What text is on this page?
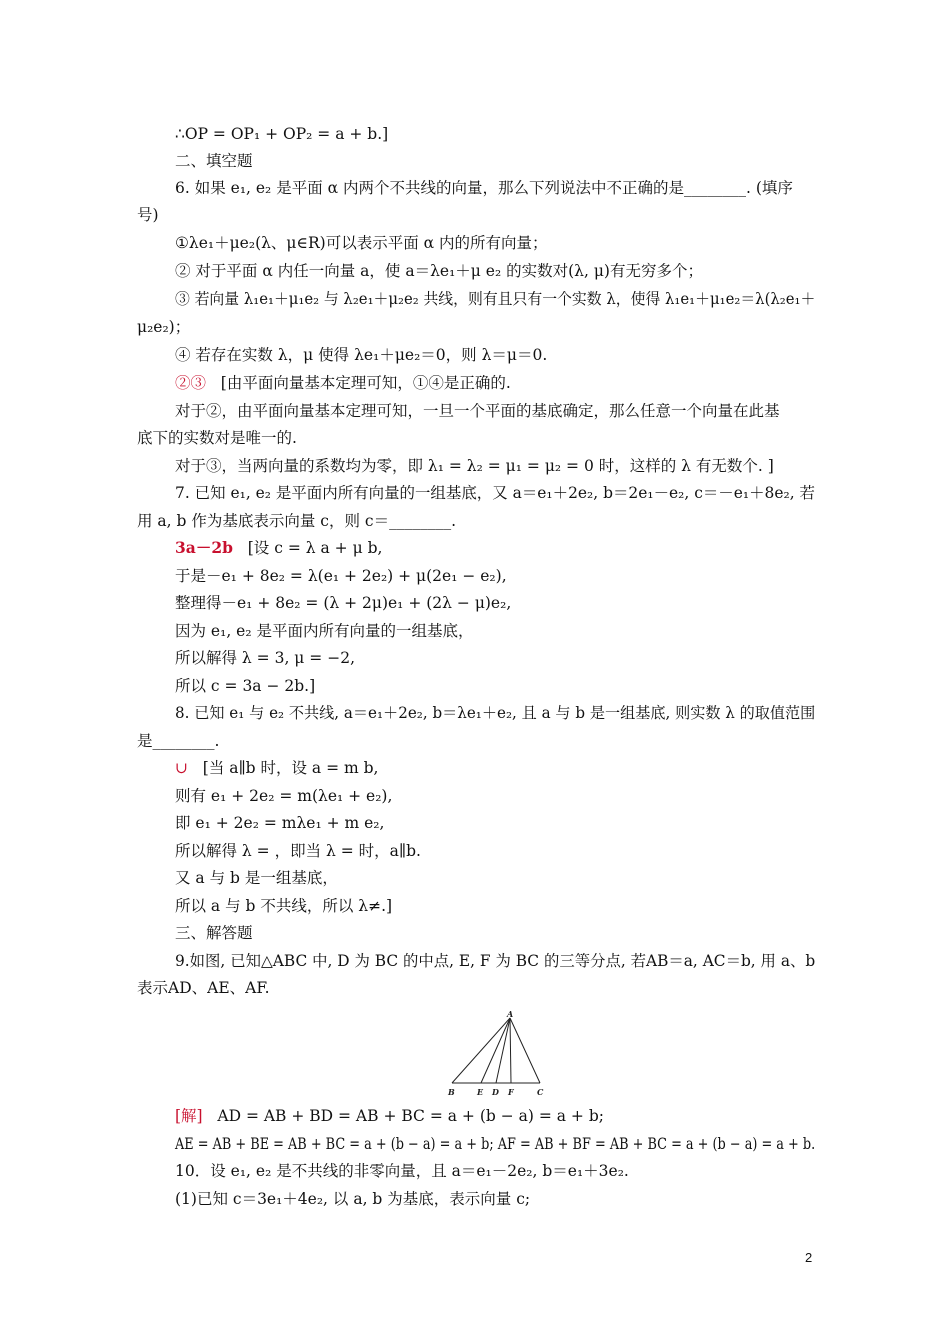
∴OP = OP₁ + OP₂ = a + b.]
二、填空题
6. 如果 e₁, e₂ 是平面 α 内两个不共线的向量，那么下列说法中不正确的是________. (填序
号)
①λe₁＋μe₂(λ、μ∈R)可以表示平面 α 内的所有向量；
② 对于平面 α 内任一向量 a，使 a＝λe₁＋μ e₂ 的实数对(λ, μ)有无穷多个；
③ 若向量 λ₁e₁＋μ₁e₂ 与 λ₂e₁＋μ₂e₂ 共线，则有且只有一个实数 λ，使得 λ₁e₁＋μ₁e₂＝λ(λ₂e₁＋
μ₂e₂)；
④ 若存在实数 λ，μ 使得 λe₁＋μe₂＝0，则 λ＝μ＝0.
②③ [由平面向量基本定理可知，①④是正确的.
对于②，由平面向量基本定理可知，一旦一个平面的基底确定，那么任意一个向量在此基
底下的实数对是唯一的.
对于③，当两向量的系数均为零，即 λ₁ = λ₂ = μ₁ = μ₂ = 0 时，这样的 λ 有无数个. ]
7. 已知 e₁, e₂ 是平面内所有向量的一组基底，又 a＝e₁＋2e₂, b＝2e₁－e₂, c＝－e₁＋8e₂, 若
用 a, b 作为基底表示向量 c，则 c＝________.
3a－2b [设 c = λ a + μ b,
于是－e₁ + 8e₂ = λ(e₁ + 2e₂) + μ(2e₁ − e₂),
整理得－e₁ + 8e₂ = (λ + 2μ)e₁ + (2λ − μ)e₂,
因为 e₁, e₂ 是平面内所有向量的一组基底，
所以解得 λ = 3, μ = −2,
所以 c = 3a − 2b.]
8. 已知 e₁ 与 e₂ 不共线, a＝e₁＋2e₂, b＝λe₁＋e₂, 且 a 与 b 是一组基底, 则实数 λ 的取值范围
是________.
∪ [当 a∥b 时，设 a = m b,
则有 e₁ + 2e₂ = m(λe₁ + e₂),
即 e₁ + 2e₂ = mλe₁ + m e₂,
所以解得 λ = ，即当 λ = 时，a∥b.
又 a 与 b 是一组基底，
所以 a 与 b 不共线，所以 λ≠.]
三、解答题
9.如图, 已知△ABC 中, D 为 BC 的中点, E, F 为 BC 的三等分点, 若AB＝a, AC＝b, 用 a、b
表示AD、AE、AF.
A
B	E D F	C
[解] AD = AB + BD = AB + BC = a + (b − a) = a + b;
AE = AB + BE = AB + BC = a + (b − a) = a + b; AF = AB + BF = AB + BC = a + (b − a) = a + b.
10．设 e₁, e₂ 是不共线的非零向量，且 a＝e₁－2e₂, b＝e₁＋3e₂.
(1)已知 c＝3e₁＋4e₂, 以 a, b 为基底，表示向量 c;
2
